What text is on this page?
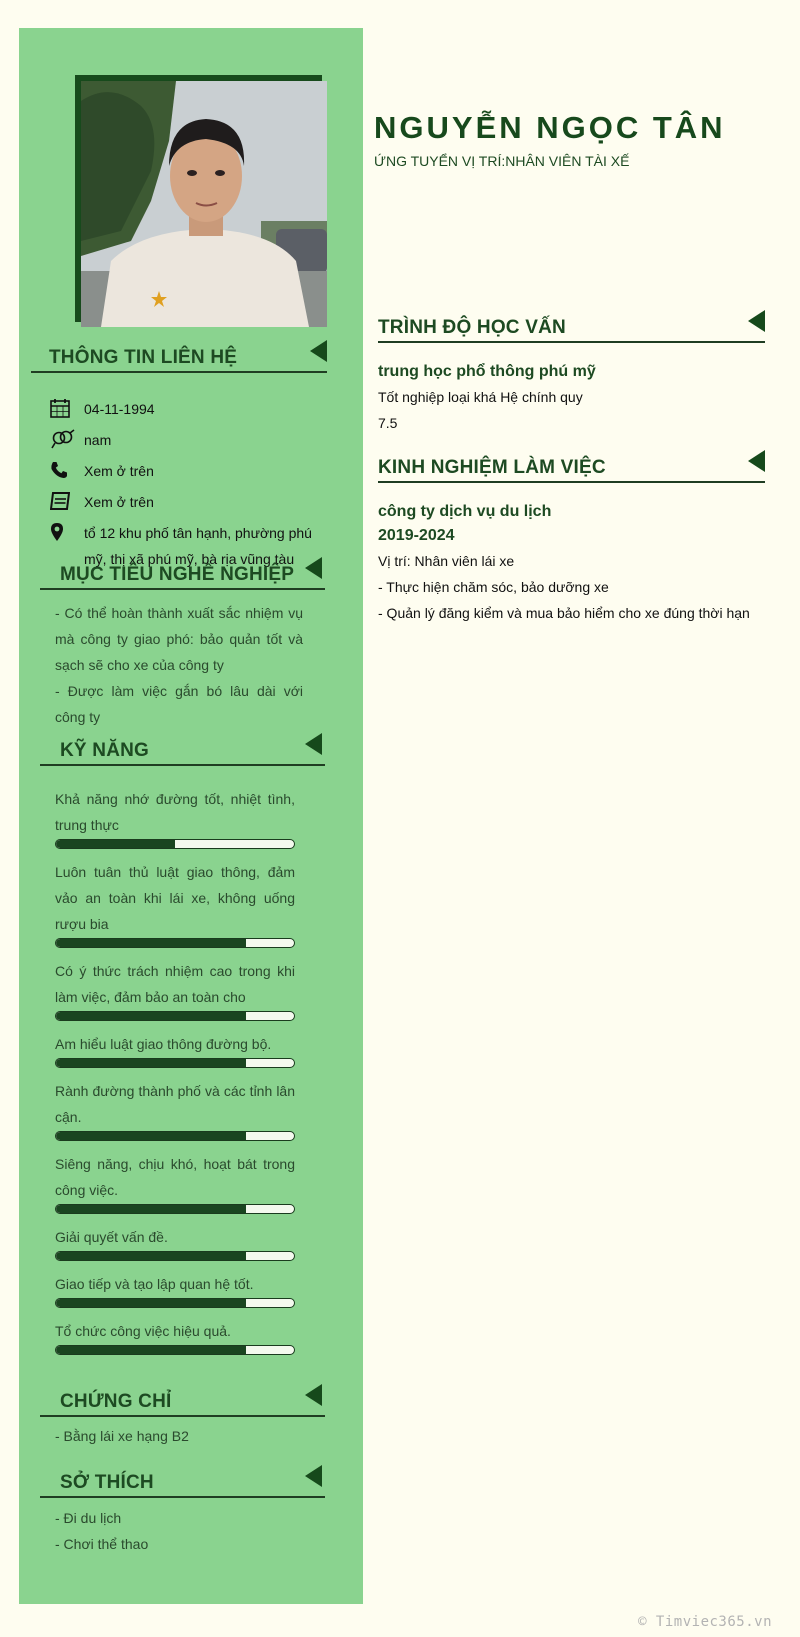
THÔNG TIN LIÊN HỆ
04-11-1994
nam
Xem ở trên
Xem ở trên
tổ 12 khu phố tân hạnh, phường phú mỹ, thị xã phú mỹ, bà rịa vũng tàu
MỤC TIÊU NGHỀ NGHIỆP
- Có thể hoàn thành xuất sắc nhiệm vụ mà công ty giao phó: bảo quản tốt và sạch sẽ cho xe của công ty
- Được làm việc gắn bó lâu dài với công ty
KỸ NĂNG
Khả năng nhớ đường tốt, nhiệt tình, trung thực
Luôn tuân thủ luật giao thông, đảm vảo an toàn khi lái xe, không uống rượu bia
Có ý thức trách nhiệm cao trong khi làm việc, đảm bảo an toàn cho
Am hiểu luật giao thông đường bộ.
Rành đường thành phố và các tỉnh lân cận.
Siêng năng, chịu khó, hoạt bát trong công việc.
Giải quyết vấn đề.
Giao tiếp và tạo lập quan hệ tốt.
Tổ chức công việc hiệu quả.
CHỨNG CHỈ
- Bằng lái xe hạng B2
SỞ THÍCH
- Đi du lịch
- Chơi thể thao
NGUYỄN NGỌC TÂN
ỨNG TUYỂN VỊ TRÍ:NHÂN VIÊN TÀI XẾ
TRÌNH ĐỘ HỌC VẤN
trung học phổ thông phú mỹ
Tốt nghiệp loại khá Hệ chính quy
7.5
KINH NGHIỆM LÀM VIỆC
công ty dịch vụ du lịch
2019-2024
Vị trí: Nhân viên lái xe
- Thực hiện chăm sóc, bảo dưỡng xe
- Quản lý đăng kiểm và mua bảo hiểm cho xe đúng thời hạn
© Timviec365.vn
